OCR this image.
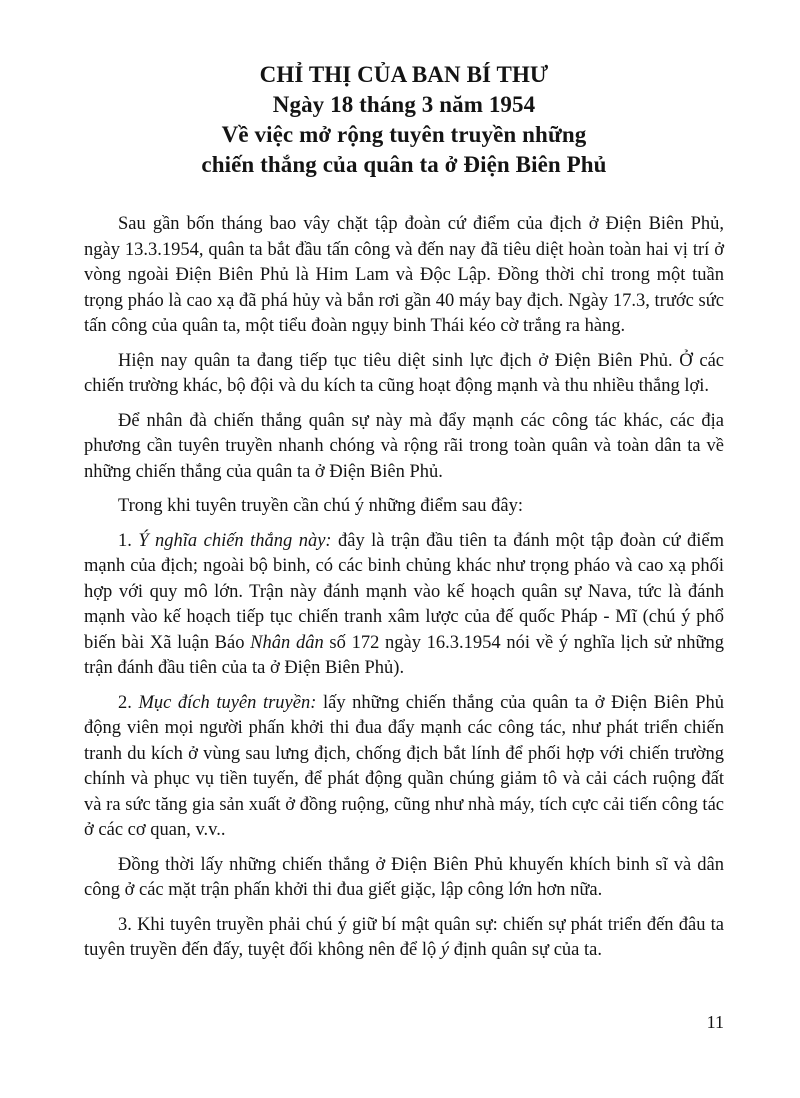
CHỈ THỊ CỦA BAN BÍ THƯ
Ngày 18 tháng 3 năm 1954
Về việc mở rộng tuyên truyền những
chiến thắng của quân ta ở Điện Biên Phủ

Sau gần bốn tháng bao vây chặt tập đoàn cứ điểm của địch ở Điện Biên Phủ, ngày 13.3.1954, quân ta bắt đầu tấn công và đến nay đã tiêu diệt hoàn toàn hai vị trí ở vòng ngoài Điện Biên Phủ là Him Lam và Độc Lập. Đồng thời chỉ trong một tuần trọng pháo là cao xạ đã phá hủy và bắn rơi gần 40 máy bay địch. Ngày 17.3, trước sức tấn công của quân ta, một tiểu đoàn ngụy binh Thái kéo cờ trắng ra hàng.

Hiện nay quân ta đang tiếp tục tiêu diệt sinh lực địch ở Điện Biên Phủ. Ở các chiến trường khác, bộ đội và du kích ta cũng hoạt động mạnh và thu nhiều thắng lợi.

Để nhân đà chiến thắng quân sự này mà đẩy mạnh các công tác khác, các địa phương cần tuyên truyền nhanh chóng và rộng rãi trong toàn quân và toàn dân ta về những chiến thắng của quân ta ở Điện Biên Phủ.

Trong khi tuyên truyền cần chú ý những điểm sau đây:

1. Ý nghĩa chiến thắng này: đây là trận đầu tiên ta đánh một tập đoàn cứ điểm mạnh của địch; ngoài bộ binh, có các binh chủng khác như trọng pháo và cao xạ phối hợp với quy mô lớn. Trận này đánh mạnh vào kế hoạch quân sự Nava, tức là đánh mạnh vào kế hoạch tiếp tục chiến tranh xâm lược của đế quốc Pháp - Mĩ (chú ý phổ biến bài Xã luận Báo Nhân dân số 172 ngày 16.3.1954 nói về ý nghĩa lịch sử những trận đánh đầu tiên của ta ở Điện Biên Phủ).

2. Mục đích tuyên truyền: lấy những chiến thắng của quân ta ở Điện Biên Phủ động viên mọi người phấn khởi thi đua đẩy mạnh các công tác, như phát triển chiến tranh du kích ở vùng sau lưng địch, chống địch bắt lính để phối hợp với chiến trường chính và phục vụ tiền tuyến, để phát động quần chúng giảm tô và cải cách ruộng đất và ra sức tăng gia sản xuất ở đồng ruộng, cũng như nhà máy, tích cực cải tiến công tác ở các cơ quan, v.v..

Đồng thời lấy những chiến thắng ở Điện Biên Phủ khuyến khích binh sĩ và dân công ở các mặt trận phấn khởi thi đua giết giặc, lập công lớn hơn nữa.

3. Khi tuyên truyền phải chú ý giữ bí mật quân sự: chiến sự phát triển đến đâu ta tuyên truyền đến đấy, tuyệt đối không nên để lộ ý định quân sự của ta.

11
